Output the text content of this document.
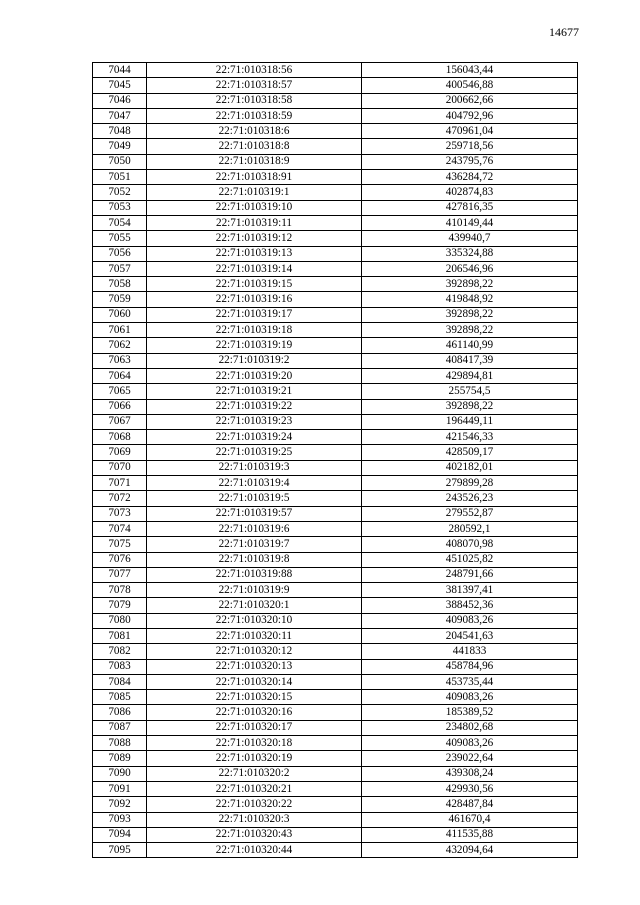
14677
7044	22:71:010318:56	156043,44
7045	22:71:010318:57	400546,88
7046	22:71:010318:58	200662,66
7047	22:71:010318:59	404792,96
7048	22:71:010318:6	470961,04
7049	22:71:010318:8	259718,56
7050	22:71:010318:9	243795,76
7051	22:71:010318:91	436284,72
7052	22:71:010319:1	402874,83
7053	22:71:010319:10	427816,35
7054	22:71:010319:11	410149,44
7055	22:71:010319:12	439940,7
7056	22:71:010319:13	335324,88
7057	22:71:010319:14	206546,96
7058	22:71:010319:15	392898,22
7059	22:71:010319:16	419848,92
7060	22:71:010319:17	392898,22
7061	22:71:010319:18	392898,22
7062	22:71:010319:19	461140,99
7063	22:71:010319:2	408417,39
7064	22:71:010319:20	429894,81
7065	22:71:010319:21	255754,5
7066	22:71:010319:22	392898,22
7067	22:71:010319:23	196449,11
7068	22:71:010319:24	421546,33
7069	22:71:010319:25	428509,17
7070	22:71:010319:3	402182,01
7071	22:71:010319:4	279899,28
7072	22:71:010319:5	243526,23
7073	22:71:010319:57	279552,87
7074	22:71:010319:6	280592,1
7075	22:71:010319:7	408070,98
7076	22:71:010319:8	451025,82
7077	22:71:010319:88	248791,66
7078	22:71:010319:9	381397,41
7079	22:71:010320:1	388452,36
7080	22:71:010320:10	409083,26
7081	22:71:010320:11	204541,63
7082	22:71:010320:12	441833
7083	22:71:010320:13	458784,96
7084	22:71:010320:14	453735,44
7085	22:71:010320:15	409083,26
7086	22:71:010320:16	185389,52
7087	22:71:010320:17	234802,68
7088	22:71:010320:18	409083,26
7089	22:71:010320:19	239022,64
7090	22:71:010320:2	439308,24
7091	22:71:010320:21	429930,56
7092	22:71:010320:22	428487,84
7093	22:71:010320:3	461670,4
7094	22:71:010320:43	411535,88
7095	22:71:010320:44	432094,64
